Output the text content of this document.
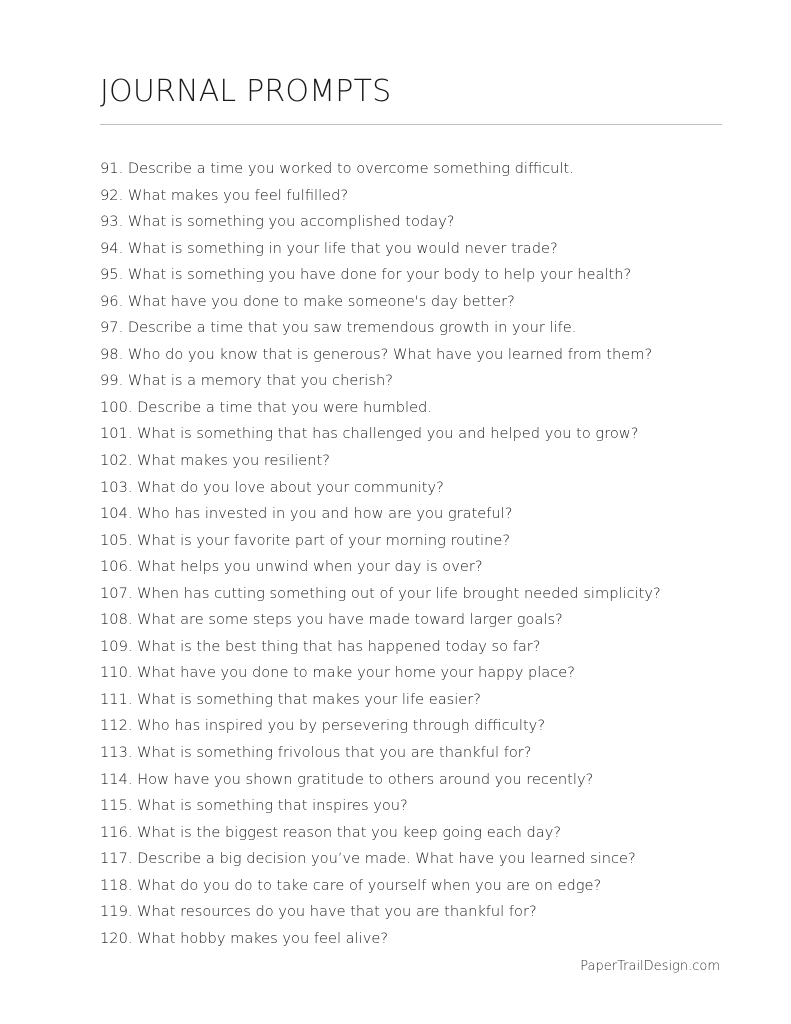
JOURNAL PROMPTS
91. Describe a time you worked to overcome something difficult.
92. What makes you feel fulfilled?
93. What is something you accomplished today?
94. What is something in your life that you would never trade?
95. What is something you have done for your body to help your health?
96. What have you done to make someone's day better?
97. Describe a time that you saw tremendous growth in your life.
98. Who do you know that is generous? What have you learned from them?
99. What is a memory that you cherish?
100. Describe a time that you were humbled.
101. What is something that has challenged you and helped you to grow?
102. What makes you resilient?
103. What do you love about your community?
104. Who has invested in you and how are you grateful?
105. What is your favorite part of your morning routine?
106. What helps you unwind when your day is over?
107. When has cutting something out of your life brought needed simplicity?
108. What are some steps you have made toward larger goals?
109. What is the best thing that has happened today so far?
110. What have you done to make your home your happy place?
111. What is something that makes your life easier?
112. Who has inspired you by persevering through difficulty?
113. What is something frivolous that you are thankful for?
114. How have you shown gratitude to others around you recently?
115. What is something that inspires you?
116. What is the biggest reason that you keep going each day?
117. Describe a big decision you’ve made. What have you learned since?
118. What do you do to take care of yourself when you are on edge?
119. What resources do you have that you are thankful for?
120. What hobby makes you feel alive?
PaperTrailDesign.com
